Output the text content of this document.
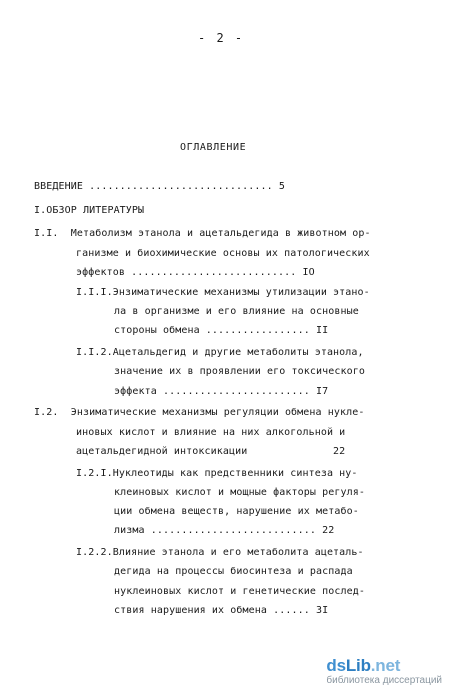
- 2 -
ОГЛАВЛЕНИЕ
ВВЕДЕНИЕ .............................. 5
I.ОБЗОР ЛИТЕРАТУРЫ
I.I.  Метаболизм этанола и ацетальдегида в животном ор-
ганизме и биохимические основы их патологических
эффектов ........................... IO
I.I.I.Энзиматические механизмы утилизации этано-
ла в организме и его влияние на основные
стороны обмена ................. II
I.I.2.Ацетальдегид и другие метаболиты этанола,
значение их в проявлении его токсического
эффекта ........................ I7
I.2.  Энзиматические механизмы регуляции обмена нукле-
иновых кислот и влияние на них алкогольной и
ацетальдегидной интоксикации              22
I.2.I.Нуклеотиды как предственники синтеза ну-
клеиновых кислот и мощные факторы регуля-
ции обмена веществ, нарушение их метабо-
лизма ........................... 22
I.2.2.Влияние этанола и его метаболита ацеталь-
дегида на процессы биосинтеза и распада
нуклеиновых кислот и генетические послед-
ствия нарушения их обмена ...... 3I
dsLib.net
библиотека диссертаций
